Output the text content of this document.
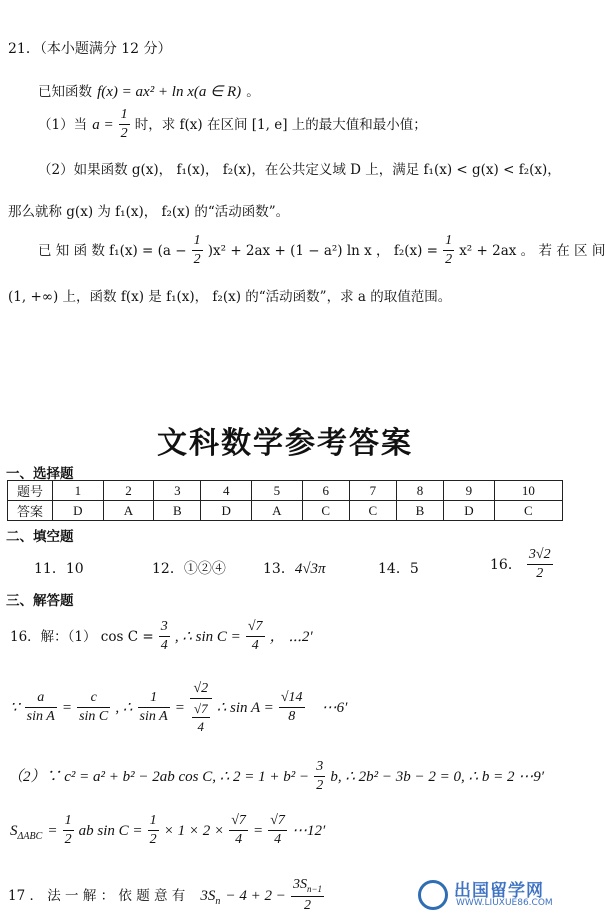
21．（本小题满分 12 分）
已知函数 f(x) = ax² + ln x(a ∈ R) 。
（1）当 $a = \frac{1}{2}$ 时，求 f(x) 在区间 [1, e] 上的最大值和最小值；
（2）如果函数 g(x)， f₁(x)， f₂(x)，在公共定义域 D 上，满足 f₁(x) < g(x) < f₂(x)，
那么就称 g(x) 为 f₁(x)， f₂(x) 的“活动函数”。
已 知 函 数 $f_1(x) = (a - \frac{1}{2} )x^2 + 2ax + (1 - a^2)$ ln x ， $f_2(x) = \frac{1}{2} x^2 + 2ax$ 。 若 在 区 间
(1, +∞) 上，函数 f(x) 是 f₁(x)， f₂(x) 的“活动函数”，求 a 的取值范围。
文科数学参考答案
一、选择题
题号	1	2	3	4	5	6	7	8	9	10
答案	D	A	B	D	A	C	C	B	D	C
二、填空题
11．10	12．①②④	13．4√3π	14．5	16． $\frac{3√2}{2}$
三、解答题
16．解：（1） $\cos C = \frac{3}{4}$ , ∴ $\sin C = \frac{√7}{4}$ ， ⋯2′
∵ $\frac{a}{\text{sin A}} = \frac{c}{\text{sin C}}$ , ∴ $\frac{1}{\text{sin A}} = \frac{√2}{\frac{√7}{4}}$ ∴ $\sin A = \frac{√14}{8}$ ⋯6′
（2）∵ c² = a² + b² − 2ab cos C, ∴ $2 = 1 + b^2 - \frac{3}{2} b$, ∴ 2b² − 3b − 2 = 0, ∴ b = 2 ⋯9′
$S_{\Delta ABC} = \frac{1}{2}$ ab $\sin C = \frac{1}{2} \times 1 \times 2 \times \frac{√7}{4} = \frac{√7}{4}$ ⋯12′
17 ． 法 一 解 ： 依 题 意 有 $3S_n - 4 + 2 - \frac{3S_{n-1}}{2}$	出国留学网
WWW.LIUXUE86.COM
